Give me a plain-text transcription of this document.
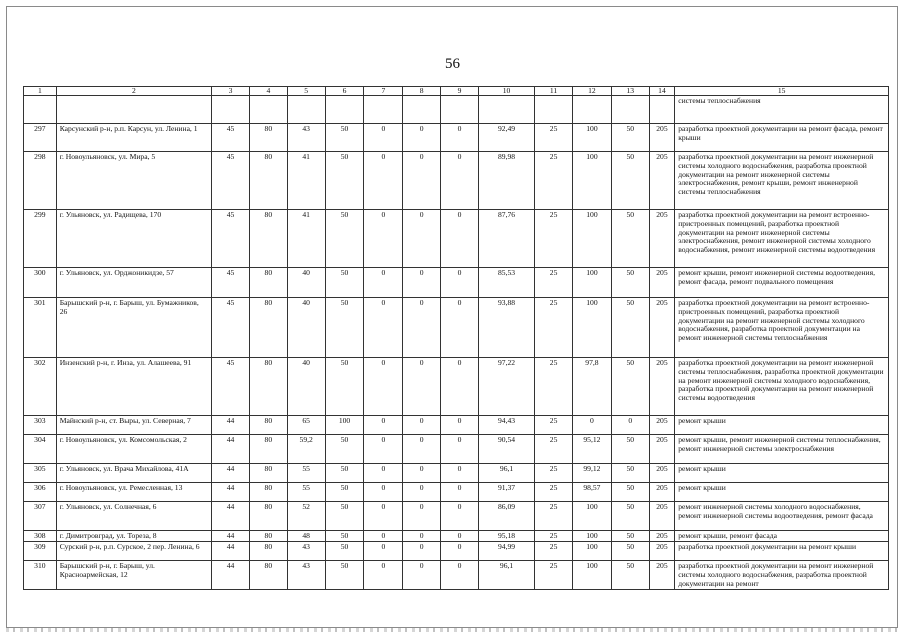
56
1	2	3	4	5	6	7	8	9	10	11	12	13	14	15
														системы теплоснабжения
297	Карсунский р-н, р.п. Карсун, ул. Ленина, 1	45	80	43	50	0	0	0	92,49	25	100	50	205	разработка проектной документации на ремонт фасада, ремонт крыши
298	г. Новоульяновск, ул. Мира, 5	45	80	41	50	0	0	0	89,98	25	100	50	205	разработка проектной документации на ремонт инженерной системы холодного водоснабжения, разработка проектной документации на ремонт инженерной системы электроснабжения, ремонт крыши, ремонт инженерной системы теплоснабжения
299	г. Ульяновск, ул. Радищева, 170	45	80	41	50	0	0	0	87,76	25	100	50	205	разработка проектной документации на ремонт встроенно-пристроенных помещений, разработка проектной документации на ремонт инженерной системы электроснабжения, ремонт инженерной системы холодного водоснабжения, ремонт инженерной системы водоотведения
300	г. Ульяновск, ул. Орджоникидзе, 57	45	80	40	50	0	0	0	85,53	25	100	50	205	ремонт крыши, ремонт инженерной системы водоотведения, ремонт фасада, ремонт подвального помещения
301	Барышский р-н, г. Барыш, ул. Бумажников, 26	45	80	40	50	0	0	0	93,88	25	100	50	205	разработка проектной документации на ремонт встроенно-пристроенных помещений, разработка проектной документации на ремонт инженерной системы холодного водоснабжения, разработка проектной документации на ремонт инженерной системы теплоснабжения
302	Инзенский р-н, г. Инза, ул. Алашеева, 91	45	80	40	50	0	0	0	97,22	25	97,8	50	205	разработка проектной документации на ремонт инженерной системы теплоснабжения, разработка проектной документации на ремонт инженерной системы холодного водоснабжения, разработка проектной документации на ремонт инженерной системы водоотведения
303	Майнский р-н, ст. Выры, ул. Северная, 7	44	80	65	100	0	0	0	94,43	25	0	0	205	ремонт крыши
304	г. Новоульяновск, ул. Комсомольская, 2	44	80	59,2	50	0	0	0	90,54	25	95,12	50	205	ремонт крыши, ремонт инженерной системы теплоснабжения, ремонт инженерной системы электроснабжения
305	г. Ульяновск, ул. Врача Михайлова, 41А	44	80	55	50	0	0	0	96,1	25	99,12	50	205	ремонт крыши
306	г. Новоульяновск, ул. Ремесленная, 13	44	80	55	50	0	0	0	91,37	25	98,57	50	205	ремонт крыши
307	г. Ульяновск, ул. Солнечная, 6	44	80	52	50	0	0	0	86,09	25	100	50	205	ремонт инженерной системы холодного водоснабжения, ремонт инженерной системы водоотведения, ремонт фасада
308	г. Димитровград, ул. Тореза, 8	44	80	48	50	0	0	0	95,18	25	100	50	205	ремонт крыши, ремонт фасада
309	Сурский р-н, р.п. Сурское, 2 пер. Ленина, 6	44	80	43	50	0	0	0	94,99	25	100	50	205	разработка проектной документации на ремонт крыши
310	Барышский р-н, г. Барыш, ул. Красноармейская, 12	44	80	43	50	0	0	0	96,1	25	100	50	205	разработка проектной документации на ремонт инженерной системы холодного водоснабжения, разработка проектной документации на ремонт
